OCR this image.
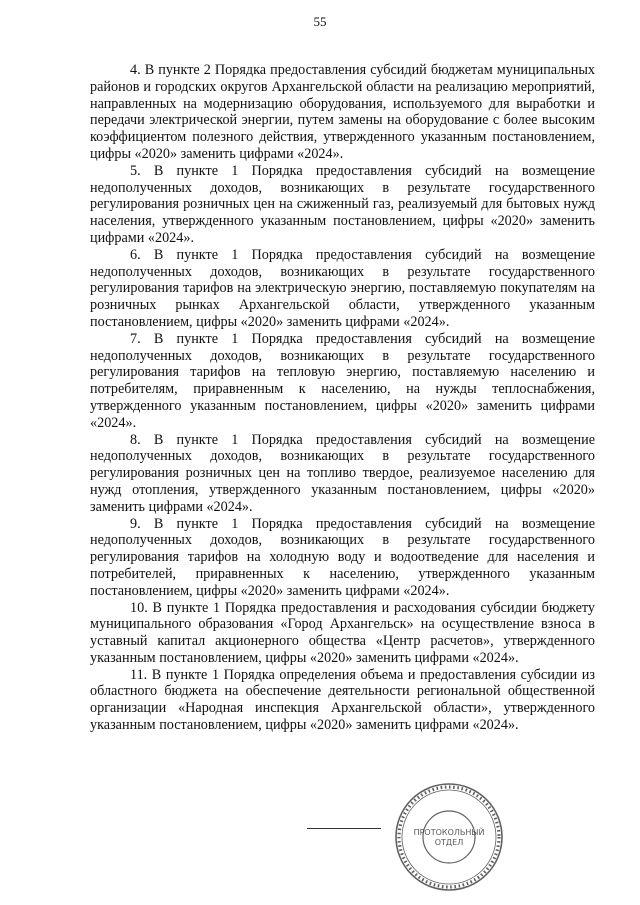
55

4. В пункте 2 Порядка предоставления субсидий бюджетам муниципальных районов и городских округов Архангельской области на реализацию мероприятий, направленных на модернизацию оборудования, используемого для выработки и передачи электрической энергии, путем замены на оборудование с более высоким коэффициентом полезного действия, утвержденного указанным постановлением, цифры «2020» заменить цифрами «2024».

5. В пункте 1 Порядка предоставления субсидий на возмещение недополученных доходов, возникающих в результате государственного регулирования розничных цен на сжиженный газ, реализуемый для бытовых нужд населения, утвержденного указанным постановлением, цифры «2020» заменить цифрами «2024».

6. В пункте 1 Порядка предоставления субсидий на возмещение недополученных доходов, возникающих в результате государственного регулирования тарифов на электрическую энергию, поставляемую покупателям на розничных рынках Архангельской области, утвержденного указанным постановлением, цифры «2020» заменить цифрами «2024».

7. В пункте 1 Порядка предоставления субсидий на возмещение недополученных доходов, возникающих в результате государственного регулирования тарифов на тепловую энергию, поставляемую населению и потребителям, приравненным к населению, на нужды теплоснабжения, утвержденного указанным постановлением, цифры «2020» заменить цифрами «2024».

8. В пункте 1 Порядка предоставления субсидий на возмещение недополученных доходов, возникающих в результате государственного регулирования розничных цен на топливо твердое, реализуемое населению для нужд отопления, утвержденного указанным постановлением, цифры «2020» заменить цифрами «2024».

9. В пункте 1 Порядка предоставления субсидий на возмещение недополученных доходов, возникающих в результате государственного регулирования тарифов на холодную воду и водоотведение для населения и потребителей, приравненных к населению, утвержденного указанным постановлением, цифры «2020» заменить цифрами «2024».

10. В пункте 1 Порядка предоставления и расходования субсидии бюджету муниципального образования «Город Архангельск» на осуществление взноса в уставный капитал акционерного общества «Центр расчетов», утвержденного указанным постановлением, цифры «2020» заменить цифрами «2024».

11. В пункте 1 Порядка определения объема и предоставления субсидии из областного бюджета на обеспечение деятельности региональной общественной организации «Народная инспекция Архангельской области», утвержденного указанным постановлением, цифры «2020» заменить цифрами «2024».

ПРОТОКОЛЬНЫЙ
ОТДЕЛ
